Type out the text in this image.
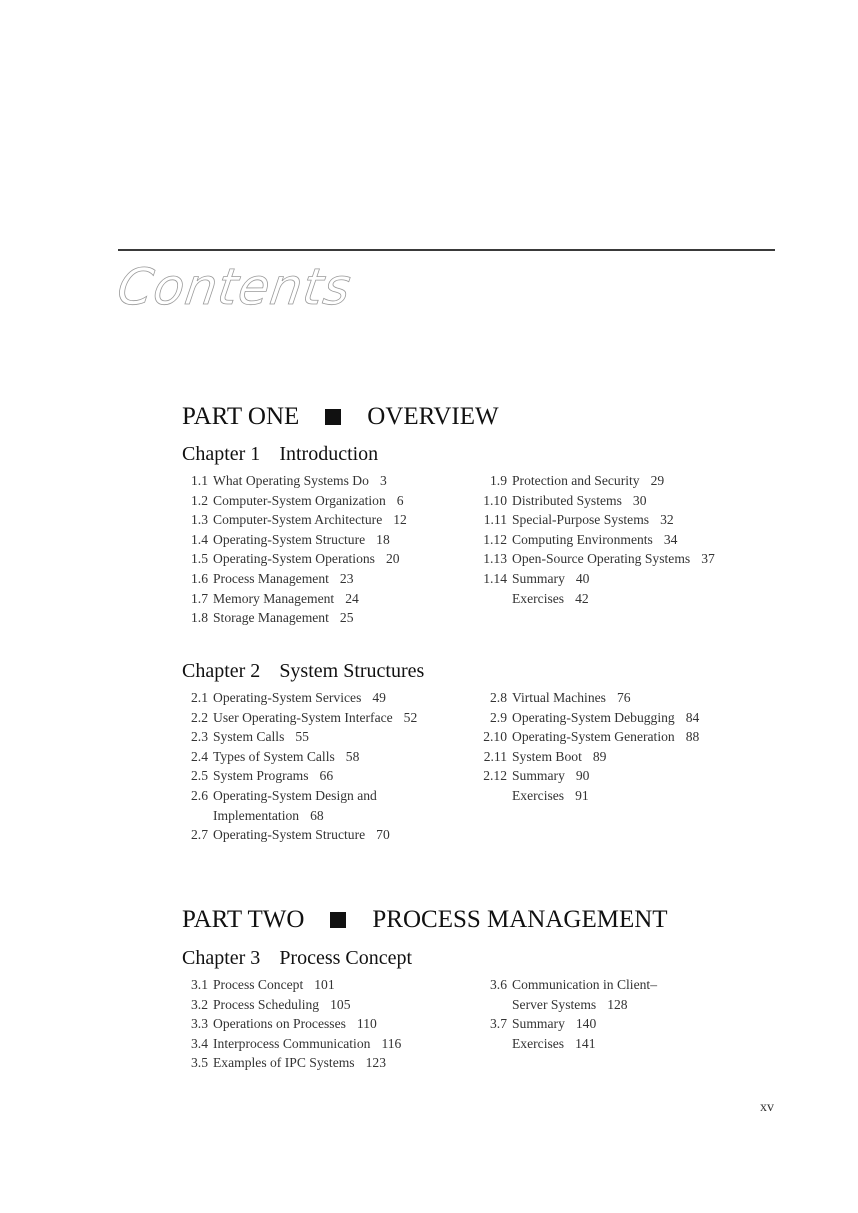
Contents
PART ONE	OVERVIEW
Chapter 1 Introduction
1.1 What Operating Systems Do 3
1.2 Computer-System Organization 6
1.3 Computer-System Architecture 12
1.4 Operating-System Structure 18
1.5 Operating-System Operations 20
1.6 Process Management 23
1.7 Memory Management 24
1.8 Storage Management 25
1.9 Protection and Security 29
1.10 Distributed Systems 30
1.11 Special-Purpose Systems 32
1.12 Computing Environments 34
1.13 Open-Source Operating Systems 37
1.14 Summary 40
Exercises 42
Chapter 2 System Structures
2.1 Operating-System Services 49
2.2 User Operating-System Interface 52
2.3 System Calls 55
2.4 Types of System Calls 58
2.5 System Programs 66
2.6 Operating-System Design and
Implementation 68
2.7 Operating-System Structure 70
2.8 Virtual Machines 76
2.9 Operating-System Debugging 84
2.10 Operating-System Generation 88
2.11 System Boot 89
2.12 Summary 90
Exercises 91
PART TWO	PROCESS MANAGEMENT
Chapter 3 Process Concept
3.1 Process Concept 101
3.2 Process Scheduling 105
3.3 Operations on Processes 110
3.4 Interprocess Communication 116
3.5 Examples of IPC Systems 123
3.6 Communication in Client–
Server Systems 128
3.7 Summary 140
Exercises 141
xv
